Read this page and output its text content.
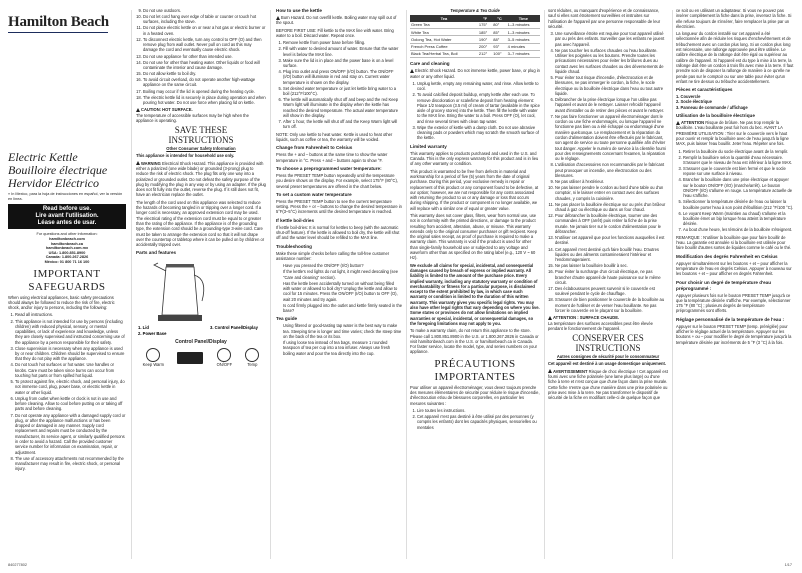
Hamilton Beach
Electric Kettle
Bouilloire électrique
Hervidor Eléctrico
» In Mexico, para la hoja de instrucciones en español, ver la versión en línea.
Read before use.
Lire avant l'utilisation.
Léase antes de usar.
For questions and other information:
hamiltonbeach.com
hamiltonbeach.ca
hamiltonbeach.com.mx
USA: 1.800.851.8900
Canada: 1.800.267.2826
México: 01 800 71 16 100
IMPORTANT
SAFEGUARDS

When using electrical appliances, basic safety precautions should always be followed to reduce the risk of fire, electric shock, and/or injury to persons, including the following:

1. Read all instructions.
2. This appliance is not intended for use by persons (including children) with reduced physical, sensory, or mental capabilities, or lack of experience and knowledge, unless they are closely supervised and instructed concerning use of the appliance by a person responsible for their safety.
3. Close supervision is necessary when any appliance is used by or near children. Children should be supervised to ensure that they do not play with the appliance.
4. Do not touch hot surfaces or hot water. Use handles or knobs. Care must be taken since burns can occur from touching hot parts or from spilled hot liquid.
5. To protect against fire, electric shock, and personal injury, do not immerse cord, plug, power base, or electric kettle in water or other liquid.
6. Unplug from outlet when kettle or clock is not in use and before cleaning. Allow to cool before putting on or taking off parts and before cleaning.
7. Do not operate any appliance with a damaged supply cord or plug, or after the appliance malfunctions or has been dropped or damaged in any manner. Supply cord replacement and repairs must be conducted by the manufacturer, its service agent, or similarly qualified persons in order to avoid a hazard. Call the provided customer service number for information on examination, repair, or adjustment.
8. The use of accessory attachments not recommended by the manufacturer may result in fire, electric shock, or personal injury.
840277802
9. Do not use outdoors.
10. Do not let cord hang over edge of table or counter or touch hot surfaces, including the stove.
11. Do not place electric kettle on or near a hot gas or electric burner or in a heated oven.
12. To disconnect electric kettle, turn any control to OFF (O) and then remove plug from wall outlet. Never pull on cord as this may damage the cord and eventually cause electric shock.
13. Do not use appliance for other than intended use.
14. Do not use for other than heating water. Other liquids or food will contaminate the interior and cause damage.
15. Do not allow kettle to boil dry.
16. To avoid circuit overload, do not operate another high-wattage appliance on the same circuit.
17. Boiling may occur if the lid is opened during the heating cycle.
18. The electric kettle lid is securely in place during operation and when pouring hot water. Do not use force when placing lid on kettle.
CAUTION: HOT SURFACE.

The temperature of accessible surfaces may be high when the appliance is operating.

SAVE THESE
INSTRUCTIONS
Other Consumer Safety Information

This appliance is intended for household use only.

WARNING Electrical Shock Hazard. This appliance is provided with either a polarized (one wide blade) or grounded (3-prong) plug to reduce the risk of electric shock. The plug fits only one way into a polarized or grounded outlet. Do not defeat the safety purpose of the plug by modifying the plug in any way or by using an adapter. If the plug does not fit fully into the outlet, reverse the plug. If it still does not fit, have an electrician replace the outlet.

The length of the cord used on this appliance was selected to reduce the hazards of becoming tangled in or tripping over a longer cord. If a longer cord is necessary, an approved extension cord may be used. The electrical rating of the extension cord must be equal to or greater than the rating of the appliance. If the appliance is of the grounding type, the extension cord should be a grounding-type 3-wire cord. Care must be taken to arrange the extension cord so that it will not drape over the countertop or tabletop where it can be pulled on by children or accidentally tripped over.

Parts and features
1. Lid
2. Power Base
3. Control Panel/Display
Control Panel/Display
Keep Warm	ON/OFF	Temp
How to use the kettle

Burn Hazard. Do not overfill kettle. Boiling water may spill out of the spout.

BEFORE FIRST USE: Fill kettle to the MAX line with water. Bring water to a boil. Discard water. Repeat once.

1. Remove kettle from power base before filling.
2. Fill with water to desired amount of water. Ensure that the water level is below the MAX line.
3. Make sure the lid is in place and the power base is on a level surface.
4. Plug into outlet and press ON/OFF (I/O) button. The ON/OFF (I/O) button will illuminate in red and stay on. Current water temperature is shown on the display.
5. Set desired water temperature or just let kettle bring water to a boil (212°F/100°C).
6. The kettle will automatically shut off and beep and the red Keep Warm light will illuminate in the display when the kettle has reached the desired temperature. The actual water temperature will show in the display.
7. After 1 hour, the kettle will shut off and the Keep Warm light will turn off.

NOTE: Only use kettle to heat water. Kettle is used to heat other liquids, such as coffee or tea, the warranty will be voided.

Change from Fahrenheit to Celsius

Press the + and – buttons at the same time to show the water temperature in °C. Press + and – buttons again to show °F.

To choose a preprogrammed water temperature:

Press the PRESET TEMP button repeatedly until the temperature you desire shows on the display. For example, select 175°F (80°C), several preset temperatures are offered in the chart below.

To set a custom water temperature

Press the PRESET TEMP button to see the current temperature setting. Press the + or – buttons to change the desired temperature in 5°F(3–5°C) increments until the desired temperature is reached.

If kettle boil-dries

If kettle boil-dries: It is normal for kettles to beep (with the automatic shut-off feature). If the kettle is allowed to boil dry, the kettle will shut off and the water level should be refilled to the MAX line.

Troubleshooting

Make these simple checks before calling the toll-free customer assistance number:

• Have you pressed the ON/OFF (I/O) button?
• If the kettle's red lights do not light, it might need descaling (see "Care and cleaning" section).
• Has the kettle been accidentally turned on without being filled with water or allowed to boil dry? Unplug the kettle and allow to cool for 15 minutes. Press the ON/OFF (I/O) button to OFF (O), wait 20 minutes and try again.
• Is cord firmly plugged into the outlet and kettle firmly seated in the base?
Tea guide
• Using filtered or good-tasting tap water is the best way to make tea. Steeping time is longer and time varies; check the steep time on the back of the tea or its box.
• If using loose tea instead of tea bags, measure 1 rounded teaspoon of tea per cup into a tea infuser. Always use fresh boiling water and pour the tea directly into the cup.
Temperature & Tea Guide
Tea	°F	°C	Time
Green Tea	175°	80°	1–3 minutes
White Tea	185°	85°	1–3 minutes
Oolong Tea, Hot Water	190°	88°	3–5 minutes
French Press Coffee	200°	93°	4 minutes
Black Tea/Herbal Tea, Boil	212°	100°	3–7 minutes
Care and cleaning

Electric Shock Hazard. Do not immerse kettle, power base, or plug in water or any other liquid.

1. Unplug kettle, empty any remaining water, and rinse. Allow kettle to cool.
2. To avoid calcified deposit buildup, empty kettle after each use. To remove discoloration or scale/lime deposit from heating element: Place 1/2 teaspoon (3.5 ml) of cream of tartar (available in the spice aisle of grocery stores) into the kettle. Then fill the kettle with water to the MAX line. Bring the water to a boil. Press OFF (O), let cool, and rinse several times with clean tap water.
3. Wipe the exterior of kettle with a damp cloth. Do not use abrasive cleaning pads or powders which may scratch the smooth surface of the kettle.
Limited warranty

This warranty applies to products purchased and used in the U.S. and Canada. This is the only express warranty for this product and is in lieu of any other warranty or condition.

This product is warranted to be free from defects in material and workmanship for a period of five (5) years from the date of original purchase. During this period, your exclusive remedy is repair or replacement of this product or any component found to be defective, at our option; however, we are not responsible for any costs associated with returning the product to us or any damage or loss that occurs during shipping. If the product or component is no longer available, we will replace with a similar one of equal or greater value.

This warranty does not cover glass, filters, wear from normal use, use not in conformity with the printed directions, or damage to the product resulting from accident, alteration, abuse, or misuse. This warranty extends only to the original consumer purchaser or gift recipient. Keep the original sales receipt, as proof of purchase is required to make a warranty claim. This warranty is void if the product is used for other than single-family household use or subjected to any voltage and waveform other than as specified on the rating label (e.g., 120 V ~ 60 Hz).

We exclude all claims for special, incidental, and consequential damages caused by breach of express or implied warranty. All liability is limited to the amount of the purchase price. Every implied warranty, including any statutory warranty or condition of merchantability or fitness for a particular purpose, is disclaimed except to the extent prohibited by law, in which case such warranty or condition is limited to the duration of this written warranty. This warranty gives you specific legal rights. You may also have other legal rights that vary depending on where you live. Some states or provinces do not allow limitations on implied warranties or special, incidental, or consequential damages, so the foregoing limitations may not apply to you.

To make a warranty claim, do not return this appliance to the store. Please call 1.800.851.8900 in the U.S. or 1.800.267.2826 in Canada or visit hamiltonbeach.com in the U.S. or hamiltonbeach.ca in Canada. For faster service, locate the model, type, and series numbers on your appliance.

PRÉCAUTIONS
IMPORTANTES

Pour utiliser un appareil électroménager, vous devez toujours prendre des mesures élémentaires de sécurité pour réduire le risque d'incendie, d'électrocution et/ou de blessures corporelles, en particulier les mesures suivantes :

1. Lire toutes les instructions.
2. Cet appareil n'est pas destiné à être utilisé par des personnes (y compris les enfants) dont les capacités physiques, sensorielles ou mentales

sont réduites, ou manquant d'expérience et de connaissance, sauf si elles sont étroitement surveillées et instruites sur l'utilisation de l'appareil par une personne responsable de leur sécurité.

3. Une surveillance étroite est requise pour tout appareil utilisé par ou près des enfants. Surveiller que les enfants ne jouent pas avec l'appareil.
4. Ne pas toucher les surfaces chaudes ou l'eau bouillante. Utiliser les poignées ou les boutons. Prendre toutes les précautions nécessaires pour éviter les brûlures dues au contact avec les surfaces chaudes ou des déversements de liquide chaud.
5. Pour éviter tout risque d'incendie, d'électrocution et de blessures, ne pas immerger le cordon, la fiche, le socle électrique ou la bouilloire électrique dans l'eau ou tout autre liquide.
6. Débrancher de la prise électrique lorsque l'on utilise pas l'appareil et avant de le nettoyer. Laisser refroidir l'appareil avant d'installer ou de retirer des pièces et avant le nettoyer.
7. Ne pas faire fonctionner un appareil électroménager dont le cordon ou une fiche endommagés, ou lorsque l'appareil ne fonctionne pas bien ou a été échappé ou endommagé d'une manière quelconque. Le remplacement et la réparation du cordon d'alimentation doivent être effectués par le fabricant, son agent de service ou toute personne qualifiée afin d'éviter tout danger. Appeler le numéro de service à la clientèle fourni pour des renseignements concernant l'examen, la réparation ou le réglage.
8. L'utilisation d'accessoires non recommandés par le fabricant peut provoquer un incendie, une électrocution ou des blessures.
9. Ne pas utiliser à l'extérieur.
10. Ne pas laisser pendre le cordon au bord d'une table ou d'un comptoir, ni le laisser entrer en contact avec des surfaces chaudes, y compris la cuisinière.
11. Ne pas placer la bouilloire électrique sur ou près d'un brûleur chaud à gaz ou électrique ou dans un four chaud.
12. Pour débrancher la bouilloire électrique, tourner une des commandes à OFF (arrêt) puis retirer la fiche de la prise murale. Ne jamais tirer sur le cordon d'alimentation pour le débrancher.
13. N'utiliser cet appareil que pour les fonctions auxquelles il est destiné.
14. Cet appareil n'est destiné qu'à faire bouillir l'eau. D'autres liquides ou des aliments contamineraient l'intérieur et l'endommageraient.
15. Ne pas laisser la bouilloire bouillir à sec.
16. Pour éviter la surcharge d'un circuit électrique, ne pas brancher d'autre appareil de haute puissance sur le même circuit.
17. Des éclaboussures peuvent survenir si le couvercle est soulevé pendant le cycle de chauffage.
18. S'assurer de bien positionner le couvercle de la bouilloire au moment de l'utiliser et de verser l'eau bouillante. Ne pas forcer le couvercle en le plaçant sur la bouilloire.
ATTENTION : SURFACE CHAUDE.

La température des surfaces accessibles peut être élevée pendant le fonctionnement de l'appareil.

CONSERVER CES
INSTRUCTIONS
Autres consignes de sécurité pour le consommateur

Cet appareil est destiné à un usage domestique uniquement.

AVERTISSEMENT Risque de choc électrique ! Cet appareil est fourni avec une fiche polarisée (une lame plus large) ou d'une fiche à terre et n'est conçue que d'une façon dans la prise murale. Cette fiche n'entre que d'une manière dans une prise polarisée ou prise avec mise à la terre. Ne pas transformer le dispositif de sécurité de la fiche en modifiant celle-ci de quelque façon que

ce soit ou en utilisant un adaptateur. Si vous ne pouvez pas insérer complètement la fiche dans la prise, inversez la fiche. Si elle refuse toujours de s'insérer, faire remplacer la prise par un électricien.

La longueur du cordon installé sur cet appareil a été sélectionnée afin de réduire les risques d'enchevêtrement et de trébuchement avec un cordon plus long. Si un cordon plus long est nécessaire, une rallonge approuvée peut être utilisée. Le calibre électrique de la rallonge doit être égal ou supérieur au calibre de l'appareil. Si l'appareil est du type à mise à la terre, la rallonge doit être un cordon à trois fils avec mise à la terre. Il faut prendre soin de disposer la rallonge de manière à ce qu'elle ne pende pas sur le comptoir ou sur une table pour éviter qu'un enfant ne tire dessus ou trébuche accidentellement.

Pièces et caractéristiques
1. Couvercle
2. Socle électrique
3. Panneau de commande / affichage
Utilisation de la bouilloire électrique

ATTENTION Risque de brûlure. Ne pas trop remplir la bouilloire. L'eau bouillante peut fuir hors du bec. AVANT LA PREMIÈRE UTILISATION : Tirer sur le couvercle vers le haut pour ouvrir et remplir la bouilloire avec de l'eau jusqu'à la ligne MAX, puis laisser l'eau bouillir. Jeter l'eau. Répéter une fois.

1. Retirer la bouilloire du socle électrique avant de la remplir.
2. Remplir la bouilloire selon la quantité d'eau nécessaire. S'assurer que le niveau de l'eau est inférieur à la ligne MAX.
3. S'assurer que le couvercle est bien fermé et que le socle repose sur une surface à niveau.
4. Brancher la bouilloire dans une prise électrique et appuyer sur le bouton ON/OFF (I/O) (marche/arrêt). Le bouton ON/OFF (I/O) s'allume en rouge. La température actuelle de l'eau s'affiche.
5. Sélectionner la température désirée de l'eau ou laisser la bouilloire porter l'eau à son point d'ébullition (212 °F/100 °C).
6. Le voyant Keep Warm (maintien au chaud) s'allume et la bouilloire émet un bip lorsque l'eau atteint la température désirée.
7. Au bout d'une heure, les témoins de la bouilloire s'éteignent.

REMARQUE : N'utiliser la bouilloire que pour faire bouillir de l'eau. La garantie est annulée si la bouilloire est utilisée pour faire bouillir d'autres sortes de liquides comme le café ou le thé.

Modification des degrés Fahrenheit en Celsius

Appuyer simultanément sur les boutons + et – pour afficher la température de l'eau en degrés Celsius. Appuyer à nouveau sur les boutons + et – pour afficher en degrés Fahrenheit.

Pour choisir un degré de température d'eau préprogrammé :

Appuyer plusieurs fois sur le bouton PRESET TEMP jusqu'à ce que la température désirée s'affiche. Par exemple, sélectionner 175 °F (80 °C) ; plusieurs degrés de température préprogrammés sont offerts.

Réglage personnalisé de la température de l'eau :

Appuyer sur le bouton PRESET TEMP (temp. préréglée) pour afficher le réglage actuel de la température. Appuyer sur les boutons + ou – pour modifier le degré de température jusqu'à la température désirée par incréments de 5 °F (3 °C) à la fois.

1/17
